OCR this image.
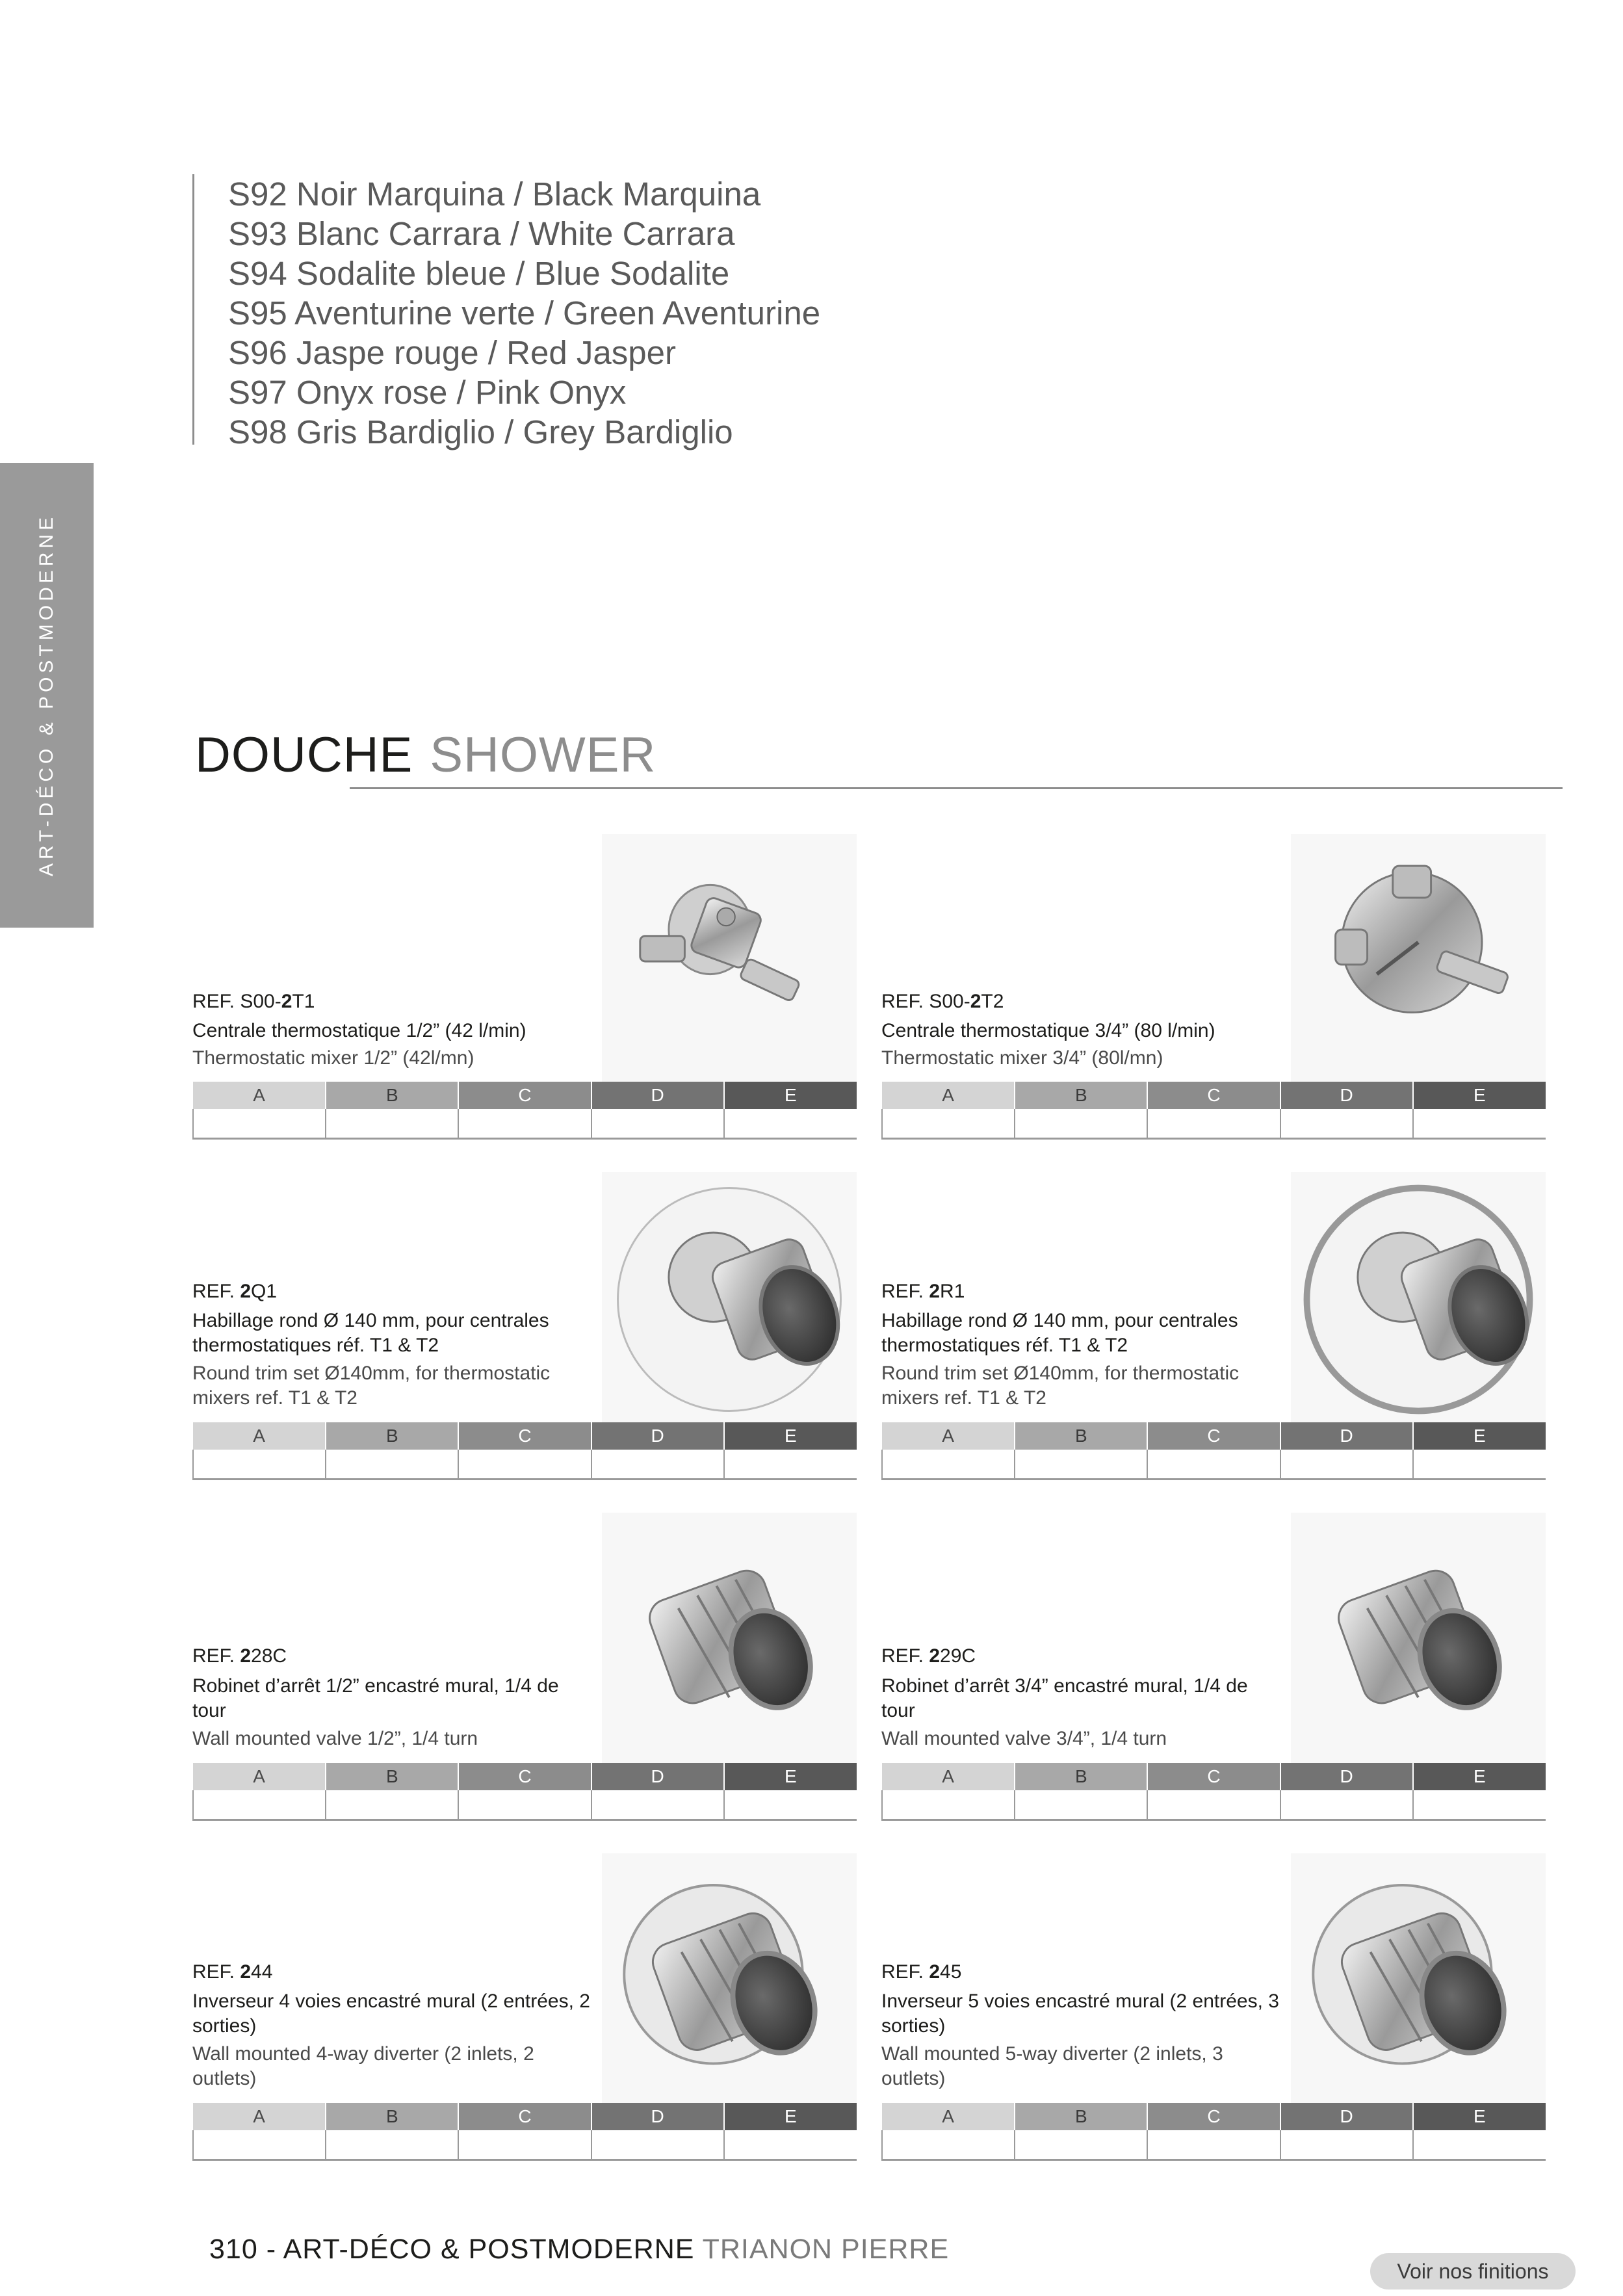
S92 Noir Marquina / Black Marquina
S93 Blanc Carrara / White Carrara
S94 Sodalite bleue / Blue Sodalite
S95 Aventurine verte / Green Aventurine
S96 Jaspe rouge / Red Jasper
S97 Onyx rose / Pink Onyx
S98 Gris Bardiglio / Grey Bardiglio
ART-DÉCO & POSTMODERNE	DOUCHE SHOWER
REF. S00-2T1
Centrale thermostatique 1/2” (42 l/min)
Thermostatic mixer 1/2” (42l/mn)
A	B	C	D	E

REF. S00-2T2
Centrale thermostatique 3/4” (80 l/min)
Thermostatic mixer 3/4” (80l/mn)
A	B	C	D	E

REF. 2Q1
Habillage rond Ø 140 mm, pour centrales thermostatiques réf. T1 & T2
Round trim set Ø140mm, for thermostatic mixers ref. T1 & T2
A	B	C	D	E

REF. 2R1
Habillage rond Ø 140 mm, pour centrales thermostatiques réf. T1 & T2
Round trim set Ø140mm, for thermostatic mixers ref. T1 & T2
A	B	C	D	E

REF. 228C
Robinet d’arrêt 1/2” encastré mural, 1/4 de tour
Wall mounted valve 1/2”, 1/4 turn
A	B	C	D	E

REF. 229C
Robinet d’arrêt 3/4” encastré mural, 1/4 de tour
Wall mounted valve 3/4”, 1/4 turn
A	B	C	D	E

REF. 244
Inverseur 4 voies encastré mural (2 entrées, 2 sorties)
Wall mounted 4-way diverter (2 inlets, 2 outlets)
A	B	C	D	E

REF. 245
Inverseur 5 voies encastré mural (2 entrées, 3 sorties)
Wall mounted 5-way diverter (2 inlets, 3 outlets)
A	B	C	D	E

310 - ART-DÉCO & POSTMODERNE TRIANON PIERRE
Voir nos finitions
